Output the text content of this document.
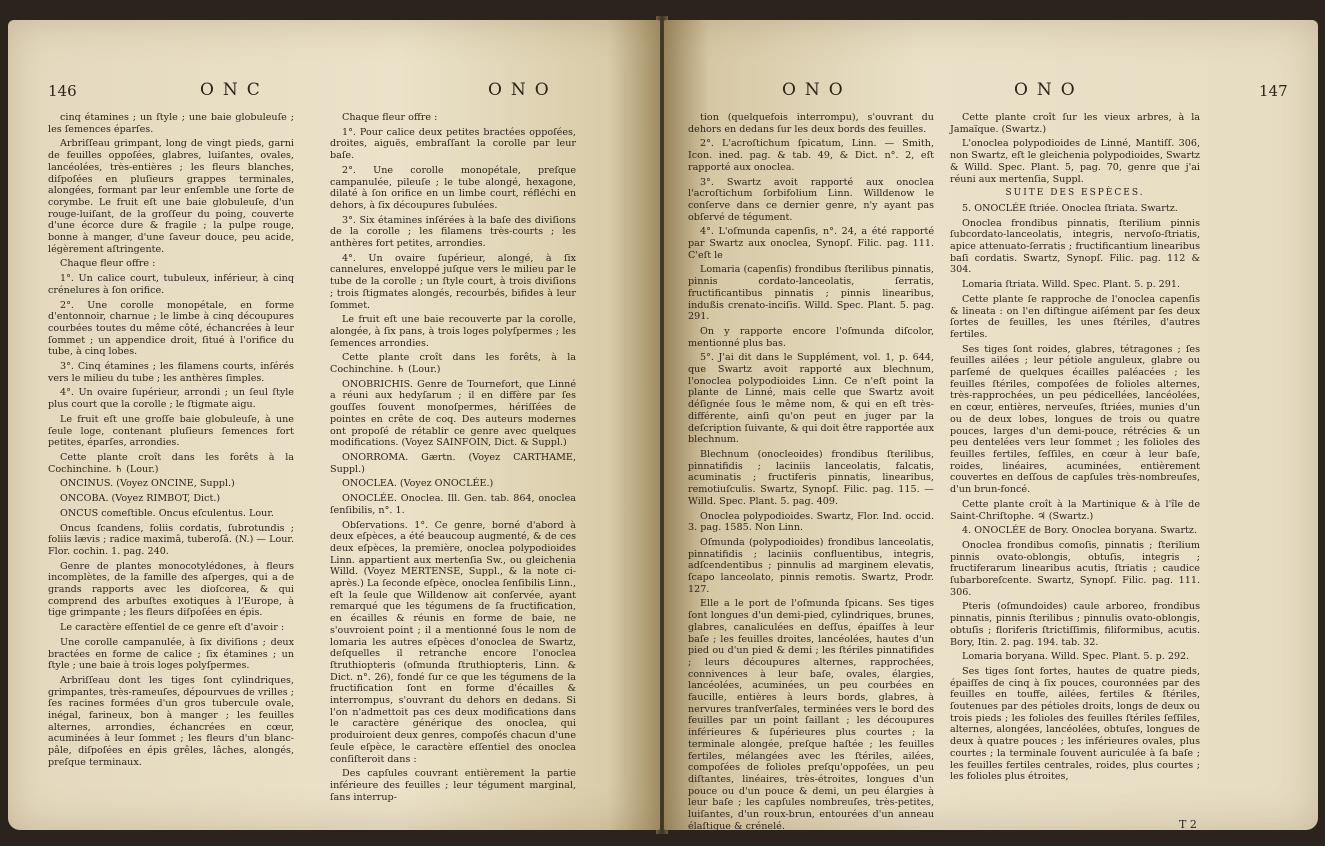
146	ONC	ONO

cinq étamines ; un ſtyle ; une baie globuleuſe ; les ſemences éparſes.

Arbriſſeau grimpant, long de vingt pieds, garni de feuilles oppoſées, glabres, luiſantes, ovales, lancéolées, très-entières ; les fleurs blanches, diſpoſées en pluſieurs grappes terminales, alongées, formant par leur enſemble une ſorte de corymbe. Le fruit eſt une baie globuleuſe, d'un rouge-luiſant, de la groſſeur du poing, couverte d'une écorce dure & fragile ; la pulpe rouge, bonne à manger, d'une ſaveur douce, peu acide, légèrement aſtringente.

Chaque fleur offre :

1°. Un calice court, tubuleux, inférieur, à cinq crénelures à ſon orifice.

2°. Une corolle monopétale, en forme d'entonnoir, charnue ; le limbe à cinq découpures courbées toutes du même côté, échancrées à leur ſommet ; un appendice droit, ſitué à l'orifice du tube, à cinq lobes.

3°. Cinq étamines ; les filamens courts, inſérés vers le milieu du tube ; les anthères ſimples.

4°. Un ovaire ſupérieur, arrondi ; un ſeul ſtyle plus court que la corolle ; le ſtigmate aigu.

Le fruit eſt une groſſe baie globuleuſe, à une ſeule loge, contenant pluſieurs ſemences fort petites, éparſes, arrondies.

Cette plante croît dans les forêts à la Cochinchine. ♄ (Lour.)

ONCINUS. (Voyez ONCINE, Suppl.)

ONCOBA. (Voyez RIMBOT, Dict.)

ONCUS comeſtible. Oncus eſculentus. Lour.

Oncus ſcandens, foliis cordatis, ſubrotundis ; foliis lævis ; radice maximâ, tuberoſâ. (N.) — Lour. Flor. cochin. 1. pag. 240.

Genre de plantes monocotylédones, à fleurs incomplètes, de la famille des aſperges, qui a de grands rapports avec les dioſcorea, & qui comprend des arbuſtes exotiques à l'Europe, à tige grimpante ; les fleurs diſpoſées en épis.

Le caractère eſſentiel de ce genre eſt d'avoir :

Une corolle campanulée, à ſix diviſions ; deux bractées en forme de calice ; ſix étamines ; un ſtyle ; une baie à trois loges polyſpermes.

Arbriſſeau dont les tiges ſont cylindriques, grimpantes, très-rameuſes, dépourvues de vrilles ; ſes racines formées d'un gros tubercule ovale, inégal, farineux, bon à manger ; les feuilles alternes, arrondies, échancrées en cœur, acuminées à leur ſommet ; les fleurs d'un blanc-pâle, diſpoſées en épis grêles, lâches, alongés, preſque terminaux.

Chaque fleur offre :

1°. Pour calice deux petites bractées oppoſées, droites, aiguës, embraſſant la corolle par leur baſe.

2°. Une corolle monopétale, preſque campanulée, pileuſe ; le tube alongé, hexagone, dilaté à ſon orifice en un limbe court, réfléchi en dehors, à ſix découpures ſubulées.

3°. Six étamines inſérées à la baſe des diviſions de la corolle ; les filamens très-courts ; les anthères fort petites, arrondies.

4°. Un ovaire ſupérieur, alongé, à ſix cannelures, enveloppé juſque vers le milieu par le tube de la corolle ; un ſtyle court, à trois diviſions ; trois ſtigmates alongés, recourbés, bifides à leur ſommet.

Le fruit eſt une baie recouverte par la corolle, alongée, à ſix pans, à trois loges polyſpermes ; les ſemences arrondies.

Cette plante croît dans les forêts, à la Cochinchine. ♄ (Lour.)

ONOBRICHIS. Genre de Tournefort, que Linné a réuni aux hedyſarum ; il en diffère par ſes gouſſes ſouvent monoſpermes, hériſſées de pointes en crête de coq. Des auteurs modernes ont propoſé de rétablir ce genre avec quelques modifications. (Voyez SAINFOIN, Dict. & Suppl.)

ONORROMA. Gærtn. (Voyez CARTHAME, Suppl.)

ONOCLEA. (Voyez ONOCLÉE.)

ONOCLÉE. Onoclea. Ill. Gen. tab. 864, onoclea ſenſibilis, n°. 1.

Obſervations. 1°. Ce genre, borné d'abord à deux eſpèces, a été beaucoup augmenté, & de ces deux eſpèces, la première, onoclea polypodioides Linn. appartient aux mertenſia Sw., ou gleichenia Willd. (Voyez MERTENSE, Suppl., & la note ci-après.) La ſeconde eſpèce, onoclea ſenſibilis Linn., eſt la ſeule que Willdenow ait conſervée, ayant remarqué que les tégumens de ſa fructification, en écailles & réunis en forme de baie, ne s'ouvroient point ; il a mentionné ſous le nom de lomaria les autres eſpèces d'onoclea de Swartz, deſquelles il retranche encore l'onoclea ſtruthiopteris (oſmunda ſtruthiopteris, Linn. & Dict. n°. 26), fondé ſur ce que les tégumens de la fructification ſont en forme d'écailles & interrompus, s'ouvrant du dehors en dedans. Si l'on n'admettoit pas ces deux modifications dans le caractère générique des onoclea, qui produiroient deux genres, compoſés chacun d'une ſeule eſpèce, le caractère eſſentiel des onoclea conſiſteroit dans :

Des capſules couvrant entièrement la partie inférieure des feuilles ; leur tégument marginal, ſans interrup-

ONO	ONO	147

tion (quelquefois interrompu), s'ouvrant du dehors en dedans ſur les deux bords des feuilles.

2°. L'acroſtichum ſpicatum, Linn. — Smith, Icon. ined. pag. & tab. 49, & Dict. n°. 2, eſt rapporté aux onoclea.

3°. Swartz avoit rapporté aux onoclea l'acroſtichum ſorbifolium Linn. Willdenow le conſerve dans ce dernier genre, n'y ayant pas obſervé de tégument.

4°. L'oſmunda capenſis, n°. 24, a été rapporté par Swartz aux onoclea, Synopſ. Filic. pag. 111. C'eſt le

Lomaria (capenſis) frondibus ſterilibus pinnatis, pinnis cordato-lanceolatis, ſerratis, fructificantibus pinnatis ; pinnis linearibus, indußis crenato-inciſis. Willd. Spec. Plant. 5. pag. 291.

On y rapporte encore l'oſmunda diſcolor, mentionné plus bas.

5°. J'ai dit dans le Supplément, vol. 1, p. 644, que Swartz avoit rapporté aux blechnum, l'onoclea polypodioides Linn. Ce n'eſt point la plante de Linné, mais celle que Swartz avoit déſignée ſous le même nom, & qui en eſt très-différente, ainſi qu'on peut en juger par la deſcription ſuivante, & qui doit être rapportée aux blechnum.

Blechnum (onocleoides) frondibus ſterilibus, pinnatifidis ; laciniis lanceolatis, falcatis, acuminatis ; fructiferis pinnatis, linearibus, remotiuſculis. Swartz, Synopſ. Filic. pag. 115. — Willd. Spec. Plant. 5. pag. 409.

Onoclea polypodioides. Swartz, Flor. Ind. occid. 3. pag. 1585. Non Linn.

Oſmunda (polypodioides) frondibus lanceolatis, pinnatifidis ; laciniis confluentibus, integris, adſcendentibus ; pinnulis ad marginem elevatis, ſcapo lanceolato, pinnis remotis. Swartz, Prodr. 127.

Elle a le port de l'oſmunda ſpicans. Ses tiges ſont longues d'un demi-pied, cylindriques, brunes, glabres, canaliculées en deſſus, épaiſſes à leur baſe ; les feuilles droites, lancéolées, hautes d'un pied ou d'un pied & demi ; les ſtériles pinnatifides ; leurs découpures alternes, rapprochées, connivences à leur baſe, ovales, élargies, lancéolées, acuminées, un peu courbées en faucille, entières à leurs bords, glabres, à nervures tranſverſales, terminées vers le bord des feuilles par un point ſaillant ; les découpures inférieures & ſupérieures plus courtes ; la terminale alongée, preſque haſtée ; les feuilles fertiles, mélangées avec les ſtériles, ailées, compoſées de folioles preſqu'oppoſées, un peu diſtantes, linéaires, très-étroites, longues d'un pouce ou d'un pouce & demi, un peu élargies à leur baſe ; les capſules nombreuſes, très-petites, luiſantes, d'un roux-brun, entourées d'un anneau élaſtique & crénelé.

Cette plante croît ſur les vieux arbres, à la Jamaïque. (Swartz.)

L'onoclea polypodioides de Linné, Mantiſſ. 306, non Swartz, eſt le gleichenia polypodioides, Swartz & Willd. Spec. Plant. 5, pag. 70, genre que j'ai réuni aux mertenſia, Suppl.

SUITE DES ESPÈCES.

5. ONOCLÉE ſtriée. Onoclea ſtriata. Swartz.

Onoclea frondibus pinnatis, ſterilium pinnis ſubcordato-lanceolatis, integris, nervoſo-ſtriatis, apice attenuato-ſerratis ; fructificantium linearibus baſi cordatis. Swartz, Synopſ. Filic. pag. 112 & 304.

Lomaria ſtriata. Willd. Spec. Plant. 5. p. 291.

Cette plante ſe rapproche de l'onoclea capenſis & lineata : on l'en diſtingue aiſément par ſes deux ſortes de feuilles, les unes ſtériles, d'autres fertiles.

Ses tiges ſont roides, glabres, tétragones ; ſes feuilles ailées ; leur pétiole anguleux, glabre ou parſemé de quelques écailles paléacées ; les feuilles ſtériles, compoſées de folioles alternes, très-rapprochées, un peu pédicellées, lancéolées, en cœur, entières, nerveuſes, ſtriées, munies d'un ou de deux lobes, longues de trois ou quatre pouces, larges d'un demi-pouce, rétrécies & un peu dentelées vers leur ſommet ; les folioles des feuilles fertiles, ſeſſiles, en cœur à leur baſe, roides, linéaires, acuminées, entièrement couvertes en deſſous de capſules très-nombreuſes, d'un brun-foncé.

Cette plante croît à la Martinique & à l'île de Saint-Chriſtophe. ♃ (Swartz.)

4. ONOCLÉE de Bory. Onoclea boryana. Swartz.

Onoclea frondibus comoſis, pinnatis ; ſterilium pinnis ovato-oblongis, obtuſis, integris ; fructiferarum linearibus acutis, ſtriatis ; caudice ſubarboreſcente. Swartz, Synopſ. Filic. pag. 111. 306.

Pteris (oſmundoides) caule arboreo, frondibus pinnatis, pinnis ſterilibus ; pinnulis ovato-oblongis, obtuſis ; floriferis ſtrictiſſimis, filiformibus, acutis. Bory, Itin. 2. pag. 194. tab. 32.

Lomaria boryana. Willd. Spec. Plant. 5. p. 292.

Ses tiges ſont fortes, hautes de quatre pieds, épaiſſes de cinq à ſix pouces, couronnées par des feuilles en touffe, ailées, fertiles & ſtériles, ſoutenues par des pétioles droits, longs de deux ou trois pieds ; les folioles des feuilles ſtériles ſeſſiles, alternes, alongées, lancéolées, obtuſes, longues de deux à quatre pouces ; les inférieures ovales, plus courtes ; la terminale ſouvent auriculée à ſa baſe ; les feuilles fertiles centrales, roides, plus courtes ; les folioles plus étroites,

T 2
